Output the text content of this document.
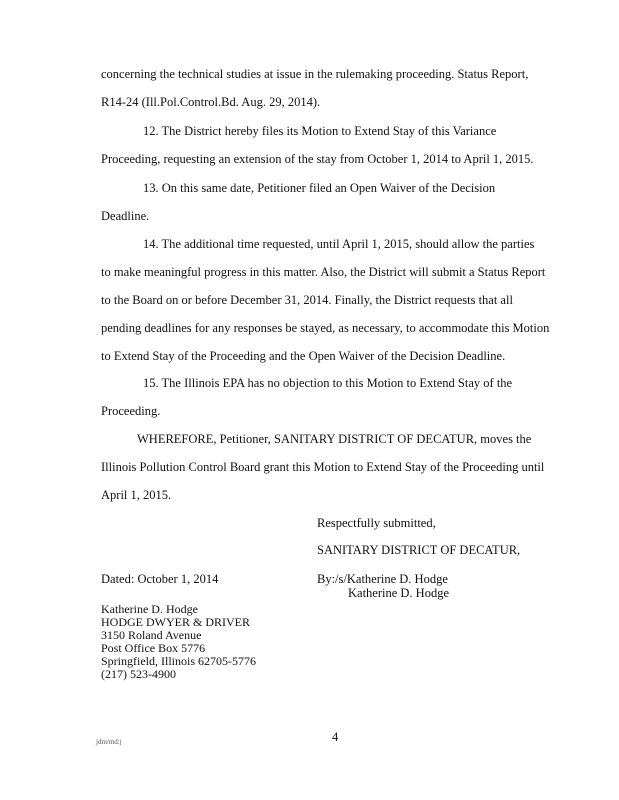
concerning the technical studies at issue in the rulemaking proceeding. Status Report,
R14-24 (Ill.Pol.Control.Bd. Aug. 29, 2014).
12. The District hereby files its Motion to Extend Stay of this Variance
Proceeding, requesting an extension of the stay from October 1, 2014 to April 1, 2015.
13. On this same date, Petitioner filed an Open Waiver of the Decision
Deadline.
14. The additional time requested, until April 1, 2015, should allow the parties
to make meaningful progress in this matter. Also, the District will submit a Status Report
to the Board on or before December 31, 2014. Finally, the District requests that all
pending deadlines for any responses be stayed, as necessary, to accommodate this Motion
to Extend Stay of the Proceeding and the Open Waiver of the Decision Deadline.
15. The Illinois EPA has no objection to this Motion to Extend Stay of the
Proceeding.
WHEREFORE, Petitioner, SANITARY DISTRICT OF DECATUR, moves the
Illinois Pollution Control Board grant this Motion to Extend Stay of the Proceeding until
April 1, 2015.
Respectfully submitted,
SANITARY DISTRICT OF DECATUR,
Dated: October 1, 2014	By:/s/Katherine D. Hodge
Katherine D. Hodge
Katherine D. Hodge
HODGE DWYER & DRIVER
3150 Roland Avenue
Post Office Box 5776
Springfield, Illinois 62705-5776
(217) 523-4900
jdm/md:j	4
